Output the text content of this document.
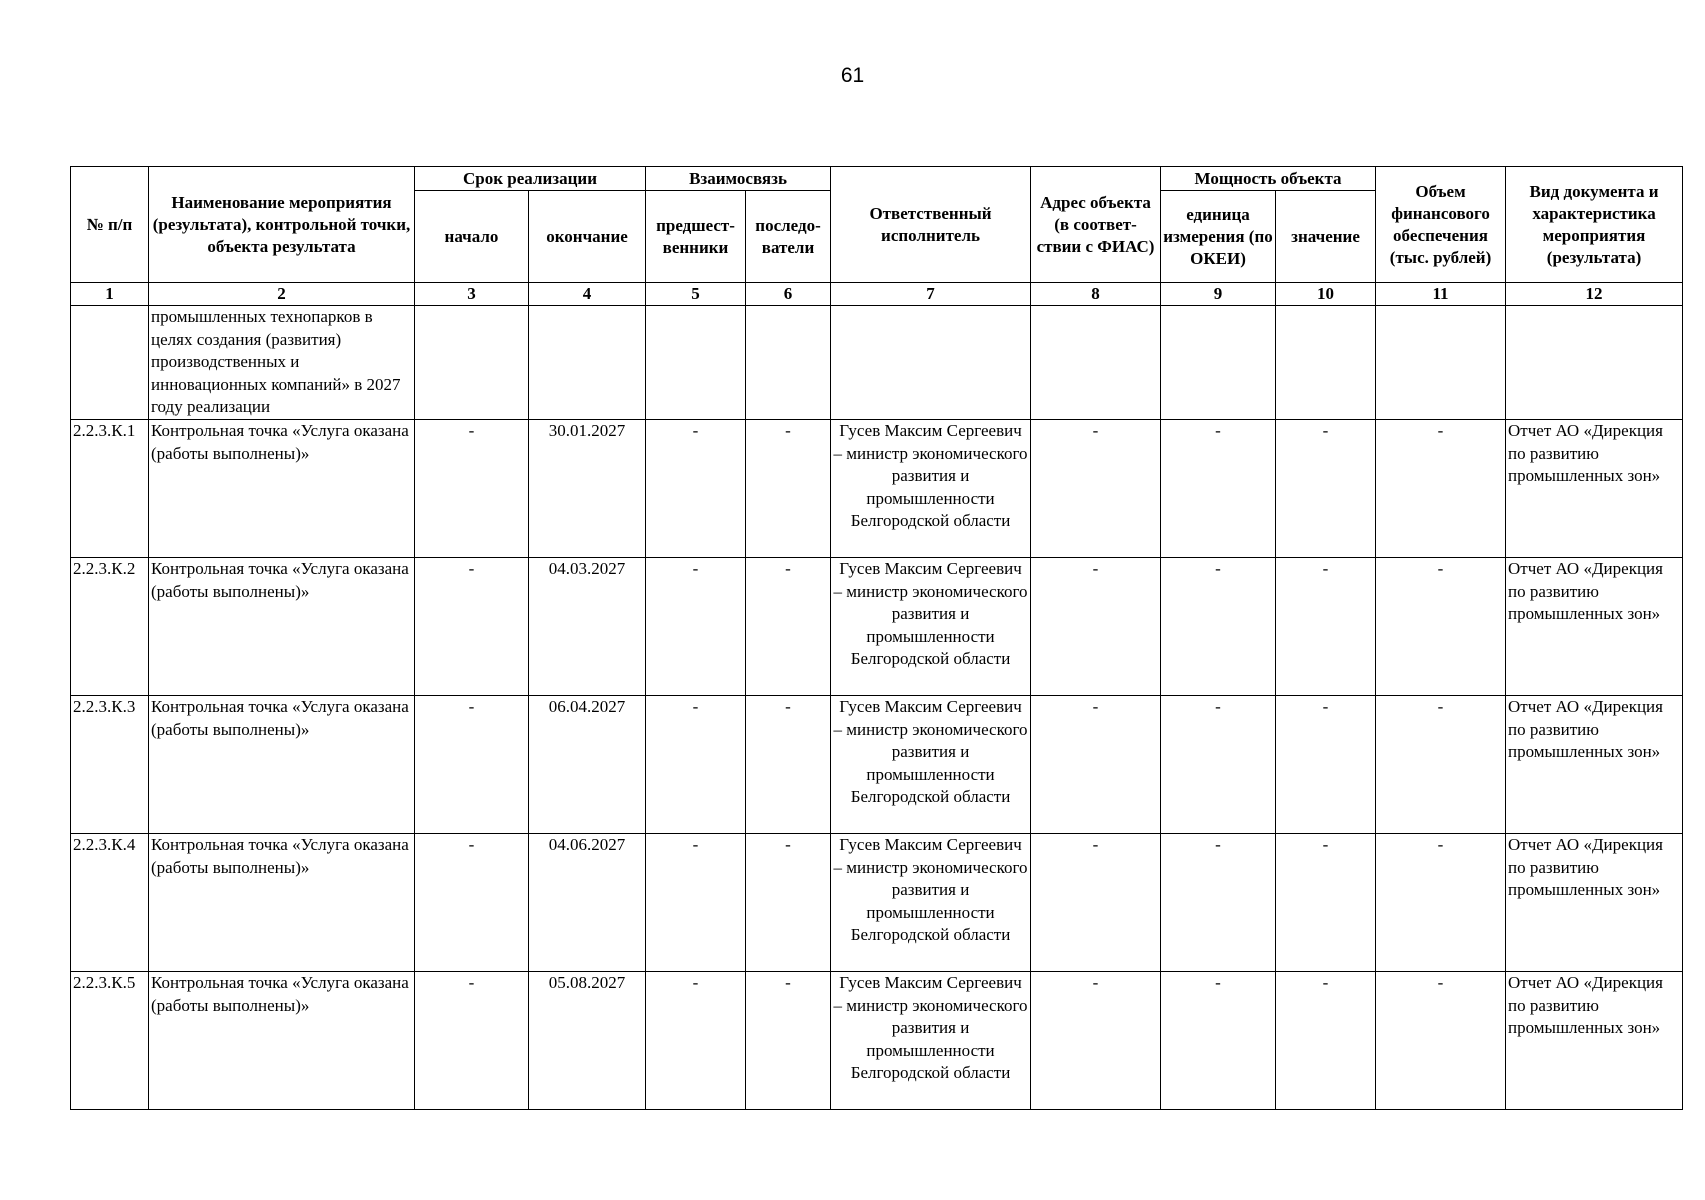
61
№ п/п	Наименование мероприятия (результата), контрольной точки, объекта результата	Срок реализации		Взаимосвязь		Ответственный исполнитель	Адрес объекта (в соответ-ствии с ФИАС)	Мощность объекта		Объем финансового обеспечения (тыс. рублей)	Вид документа и характеристика мероприятия (результата)
		начало	окончание	предшест-венники	последо-ватели			единица измерения (по ОКЕИ)	значение		
1	2	3	4	5	6	7	8	9	10	11	12
	промышленных технопарков в целях создания (развития) производственных и инновационных компаний» в 2027 году реализации										
2.2.3.К.1	Контрольная точка «Услуга оказана (работы выполнены)»	-	30.01.2027	-	-	Гусев Максим Сергеевич – министр экономического развития и промышленности Белгородской области	-	-	-	-	Отчет АО «Дирекция по развитию промышленных зон»
2.2.3.К.2	Контрольная точка «Услуга оказана (работы выполнены)»	-	04.03.2027	-	-	Гусев Максим Сергеевич – министр экономического развития и промышленности Белгородской области	-	-	-	-	Отчет АО «Дирекция по развитию промышленных зон»
2.2.3.К.3	Контрольная точка «Услуга оказана (работы выполнены)»	-	06.04.2027	-	-	Гусев Максим Сергеевич – министр экономического развития и промышленности Белгородской области	-	-	-	-	Отчет АО «Дирекция по развитию промышленных зон»
2.2.3.К.4	Контрольная точка «Услуга оказана (работы выполнены)»	-	04.06.2027	-	-	Гусев Максим Сергеевич – министр экономического развития и промышленности Белгородской области	-	-	-	-	Отчет АО «Дирекция по развитию промышленных зон»
2.2.3.К.5	Контрольная точка «Услуга оказана (работы выполнены)»	-	05.08.2027	-	-	Гусев Максим Сергеевич – министр экономического развития и промышленности Белгородской области	-	-	-	-	Отчет АО «Дирекция по развитию промышленных зон»
